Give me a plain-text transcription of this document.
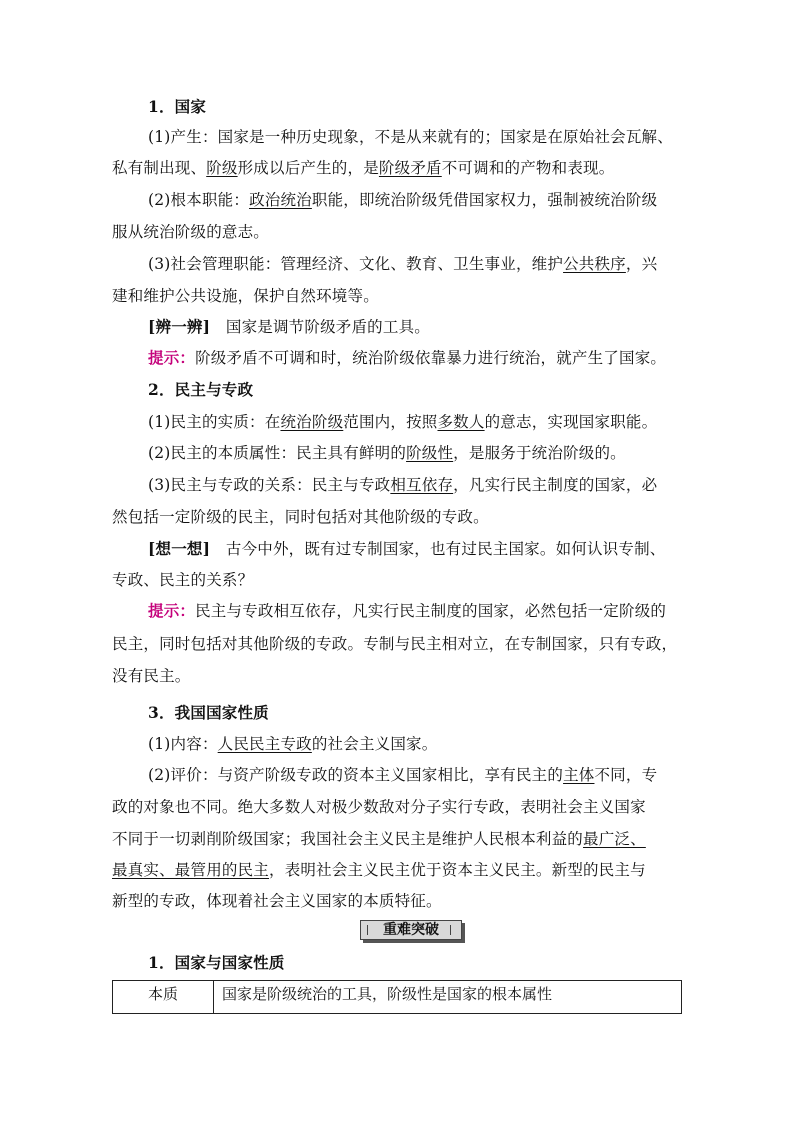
1．国家
(1)产生：国家是一种历史现象，不是从来就有的；国家是在原始社会瓦解、
私有制出现、阶级形成以后产生的，是阶级矛盾不可调和的产物和表现。
(2)根本职能：政治统治职能，即统治阶级凭借国家权力，强制被统治阶级
服从统治阶级的意志。
(3)社会管理职能：管理经济、文化、教育、卫生事业，维护公共秩序，兴
建和维护公共设施，保护自然环境等。
[辨一辨]　国家是调节阶级矛盾的工具。
提示：阶级矛盾不可调和时，统治阶级依靠暴力进行统治，就产生了国家。
2．民主与专政
(1)民主的实质：在统治阶级范围内，按照多数人的意志，实现国家职能。
(2)民主的本质属性：民主具有鲜明的阶级性，是服务于统治阶级的。
(3)民主与专政的关系：民主与专政相互依存，凡实行民主制度的国家，必
然包括一定阶级的民主，同时包括对其他阶级的专政。
[想一想]　古今中外，既有过专制国家，也有过民主国家。如何认识专制、
专政、民主的关系？
提示：民主与专政相互依存，凡实行民主制度的国家，必然包括一定阶级的
民主，同时包括对其他阶级的专政。专制与民主相对立，在专制国家，只有专政，
没有民主。
3．我国国家性质
(1)内容：人民民主专政的社会主义国家。
(2)评价：与资产阶级专政的资本主义国家相比，享有民主的主体不同，专
政的对象也不同。绝大多数人对极少数敌对分子实行专政，表明社会主义国家
不同于一切剥削阶级国家；我国社会主义民主是维护人民根本利益的最广泛、
最真实、最管用的民主，表明社会主义民主优于资本主义民主。新型的民主与
新型的专政，体现着社会主义国家的本质特征。
重难突破
1．国家与国家性质
本质	国家是阶级统治的工具，阶级性是国家的根本属性
